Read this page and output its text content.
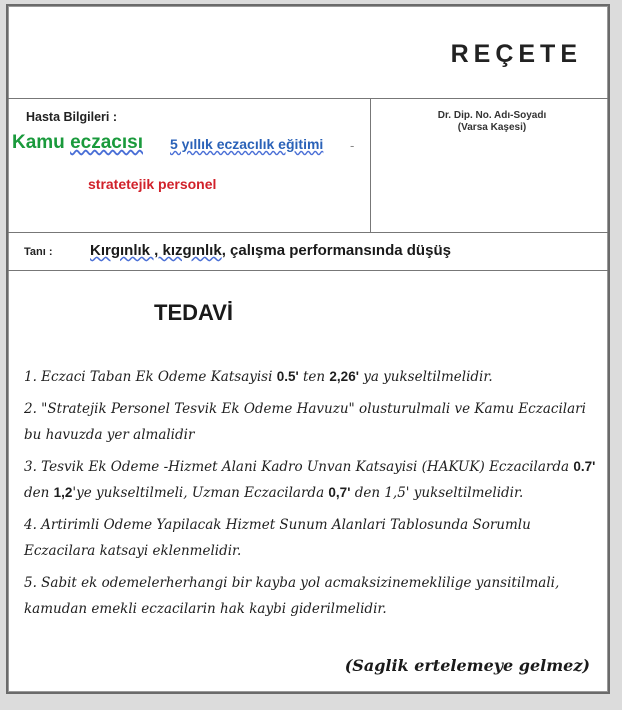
REÇETE
Hasta Bilgileri :
Kamu eczacısı 5 yıllık eczacılık eğitimi -
stratetejik personel
Dr. Dip. No. Adı-Soyadı
(Varsa Kaşesi)
Tanı : Kırgınlık , kızgınlık, çalışma performansında düşüş
TEDAVİ
1. Eczaci Taban Ek Odeme Katsayisi 0.5' ten 2,26' ya yukseltilmelidir.
2. "Stratejik Personel Tesvik Ek Odeme Havuzu" olusturulmali ve Kamu Eczacilari bu havuzda yer almalidir
3. Tesvik Ek Odeme -Hizmet Alani Kadro Unvan Katsayisi (HAKUK) Eczacilarda 0.7' den 1,2'ye yukseltilmeli, Uzman Eczacilarda 0,7' den 1,5' yukseltilmelidir.
4. Artirimli Odeme Yapilacak Hizmet Sunum Alanlari Tablosunda Sorumlu Eczacilara katsayi eklenmelidir.
5. Sabit ek odemelerherhangi bir kayba yol acmaksizinemeklilige yansitilmali, kamudan emekli eczacilarin hak kaybi giderilmelidir.
(Saglik ertelemeye gelmez)
